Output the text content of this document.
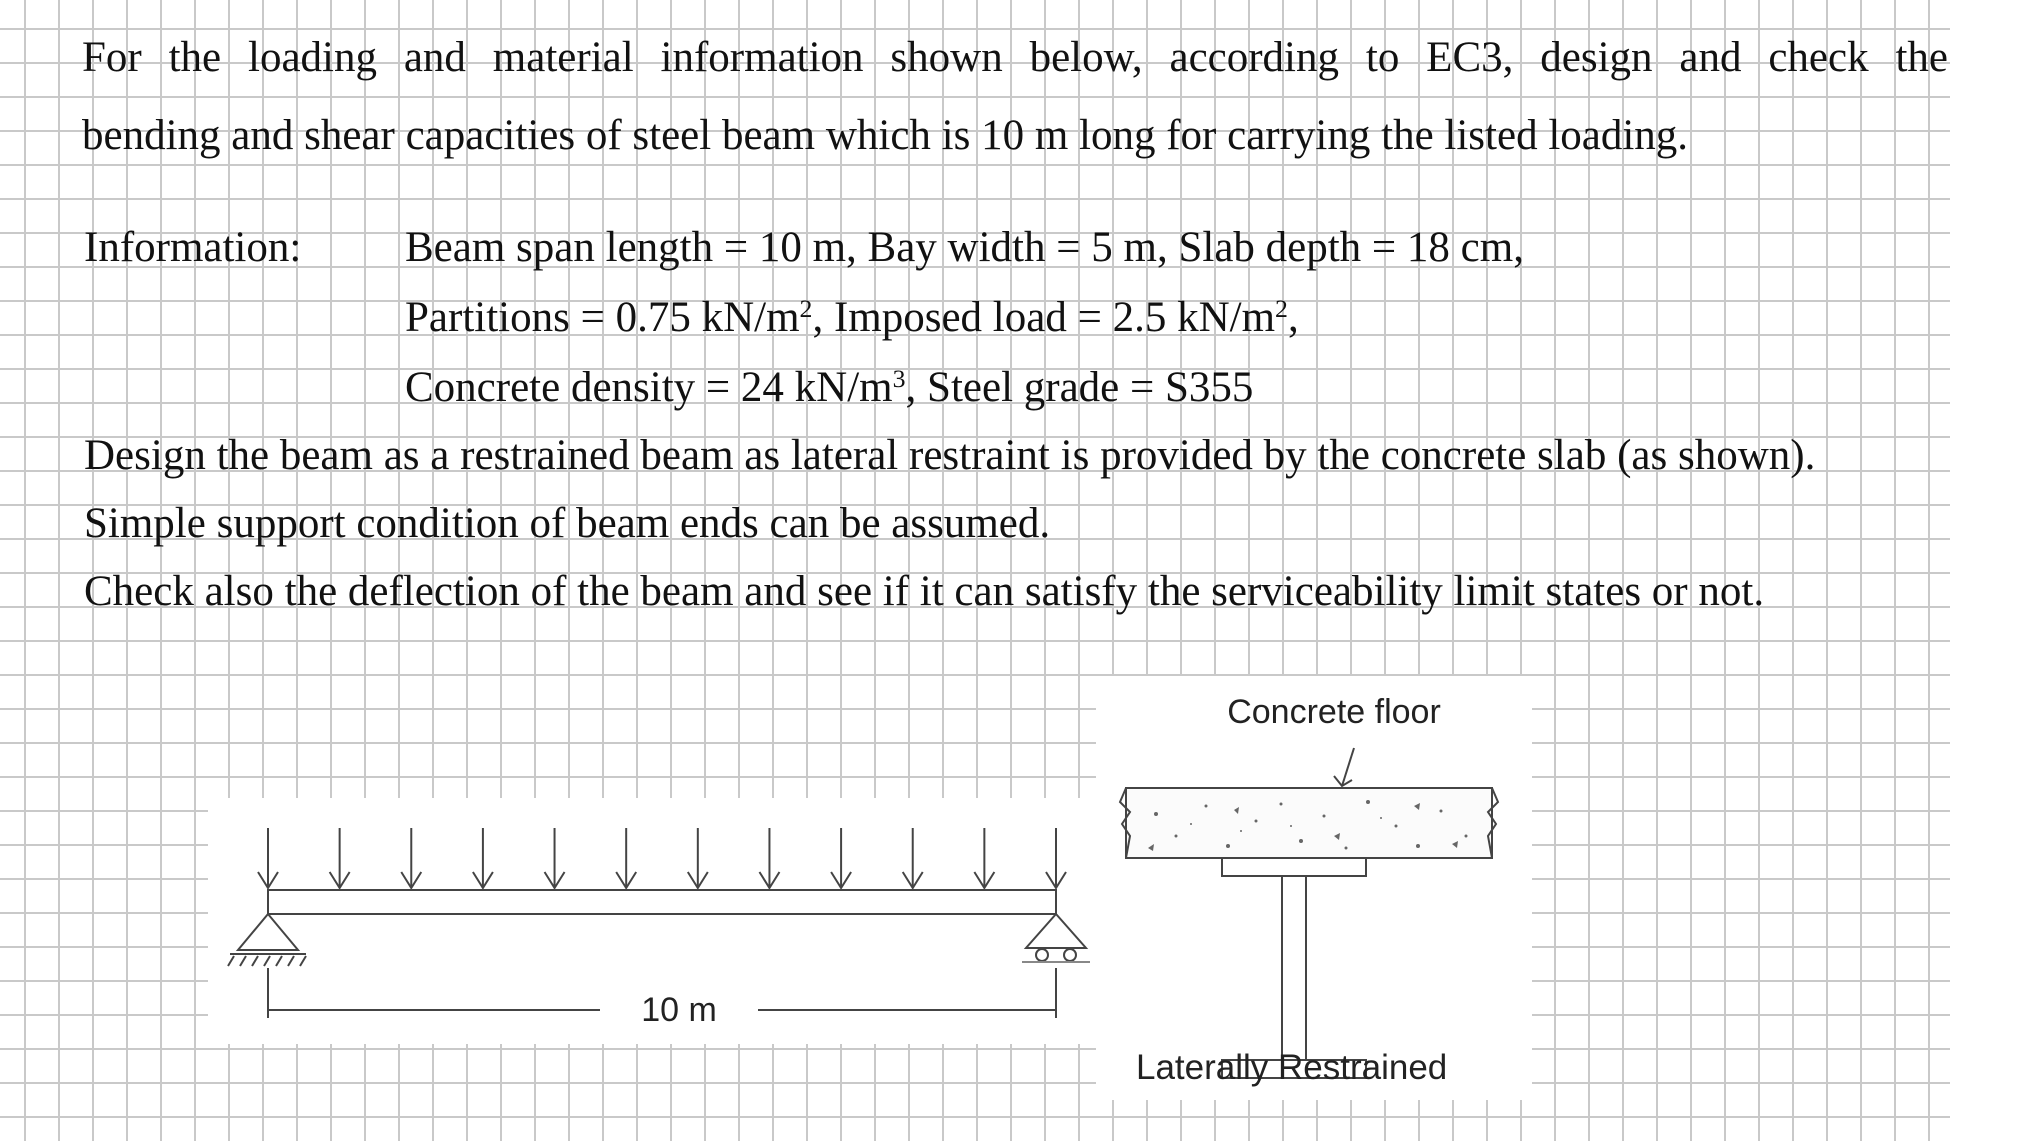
For the loading and material information shown below, according to EC3, design and check the
bending and shear capacities of steel beam which is 10 m long for carrying the listed loading.
Information: Beam span length = 10 m, Bay width = 5 m, Slab depth = 18 cm,
Partitions = 0.75 $kN/m^2$, Imposed load = 2.5 $kN/m^2$,
Concrete density = 24 $kN/m^3$, Steel grade = S355
Design the beam as a restrained beam as lateral restraint is provided by the concrete slab (as shown).
Simple support condition of beam ends can be assumed.
Check also the deflection of the beam and see if it can satisfy the serviceability limit states or not.
10 m
Concrete floor
Laterally Restrained
